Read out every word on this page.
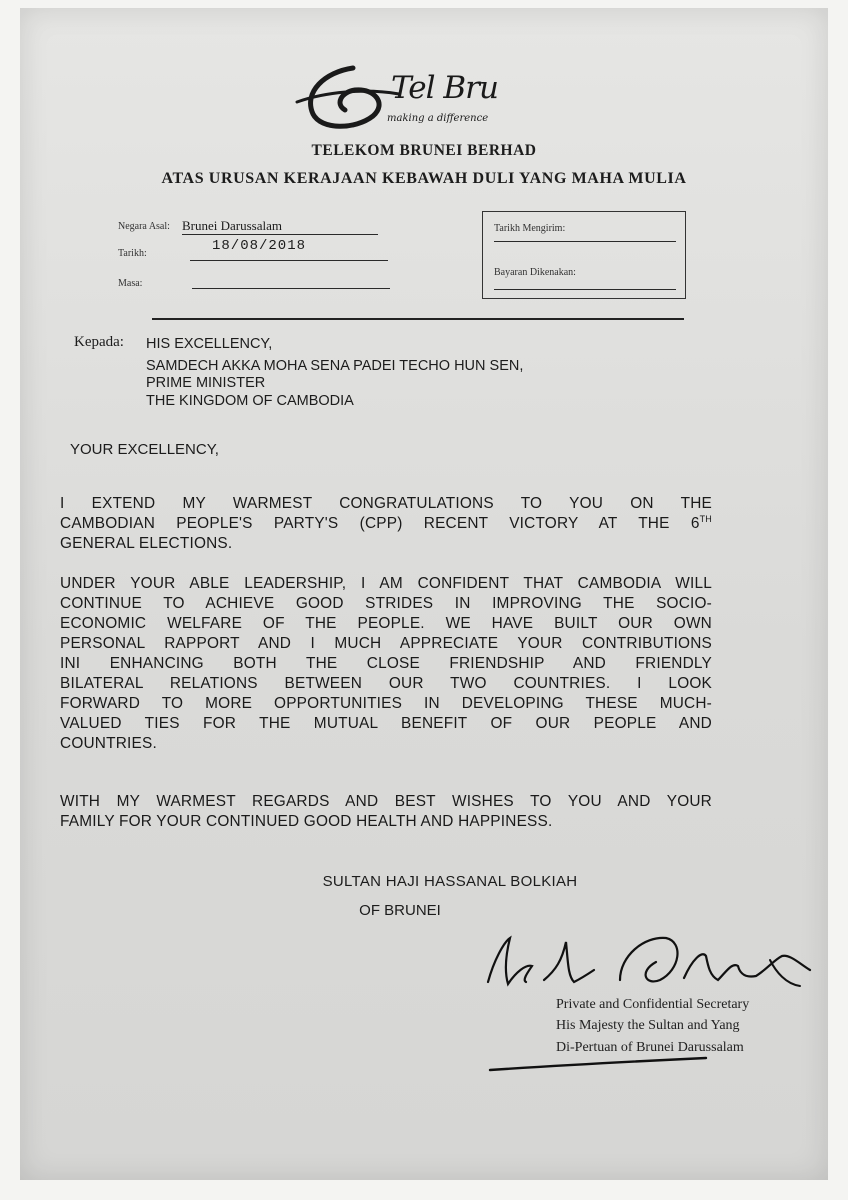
Tel Bru
making a difference
TELEKOM BRUNEI BERHAD
ATAS URUSAN KERAJAAN KEBAWAH DULI YANG MAHA MULIA
Negara Asal: Brunei Darussalam
Tarikh:	18/08/2018
Masa:
Tarikh Mengirim:
Bayaran Dikenakan:
Kepada: HIS EXCELLENCY,
SAMDECH AKKA MOHA SENA PADEI TECHO HUN SEN,
PRIME MINISTER
THE KINGDOM OF CAMBODIA
YOUR EXCELLENCY,
I EXTEND MY WARMEST CONGRATULATIONS TO YOU ON THE
CAMBODIAN PEOPLE'S PARTY'S (CPP) RECENT VICTORY AT THE 6TH
GENERAL ELECTIONS.
UNDER YOUR ABLE LEADERSHIP, I AM CONFIDENT THAT CAMBODIA WILL
CONTINUE TO ACHIEVE GOOD STRIDES IN IMPROVING THE SOCIO-
ECONOMIC WELFARE OF THE PEOPLE. WE HAVE BUILT OUR OWN
PERSONAL RAPPORT AND I MUCH APPRECIATE YOUR CONTRIBUTIONS
INI ENHANCING BOTH THE CLOSE FRIENDSHIP AND FRIENDLY
BILATERAL RELATIONS BETWEEN OUR TWO COUNTRIES. I LOOK
FORWARD TO MORE OPPORTUNITIES IN DEVELOPING THESE MUCH-
VALUED TIES FOR THE MUTUAL BENEFIT OF OUR PEOPLE AND
COUNTRIES.
WITH MY WARMEST REGARDS AND BEST WISHES TO YOU AND YOUR
FAMILY FOR YOUR CONTINUED GOOD HEALTH AND HAPPINESS.
SULTAN HAJI HASSANAL BOLKIAH
OF BRUNEI
Private and Confidential Secretary
His Majesty the Sultan and Yang
Di-Pertuan of Brunei Darussalam
